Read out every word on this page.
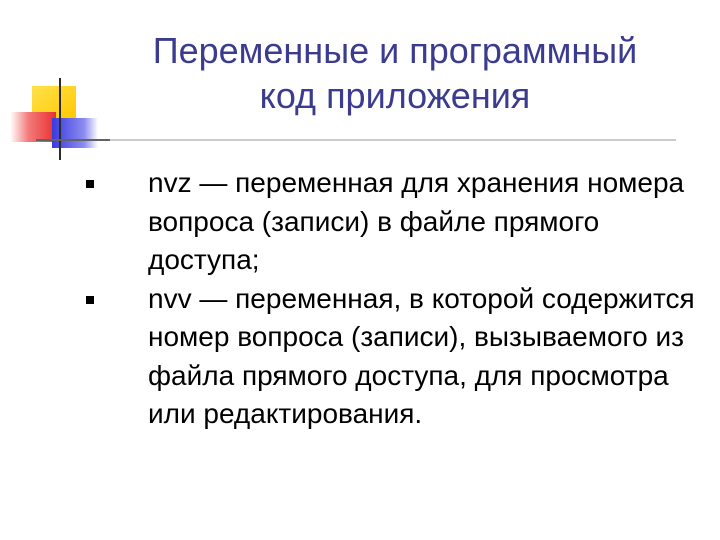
Переменные и программный
код приложения
nvz — переменная для хранения номера вопроса (записи) в файле прямого доступа;
nvv — переменная, в которой содержится номер вопроса (записи), вызываемого из файла прямого доступа, для просмотра или редактирования.
